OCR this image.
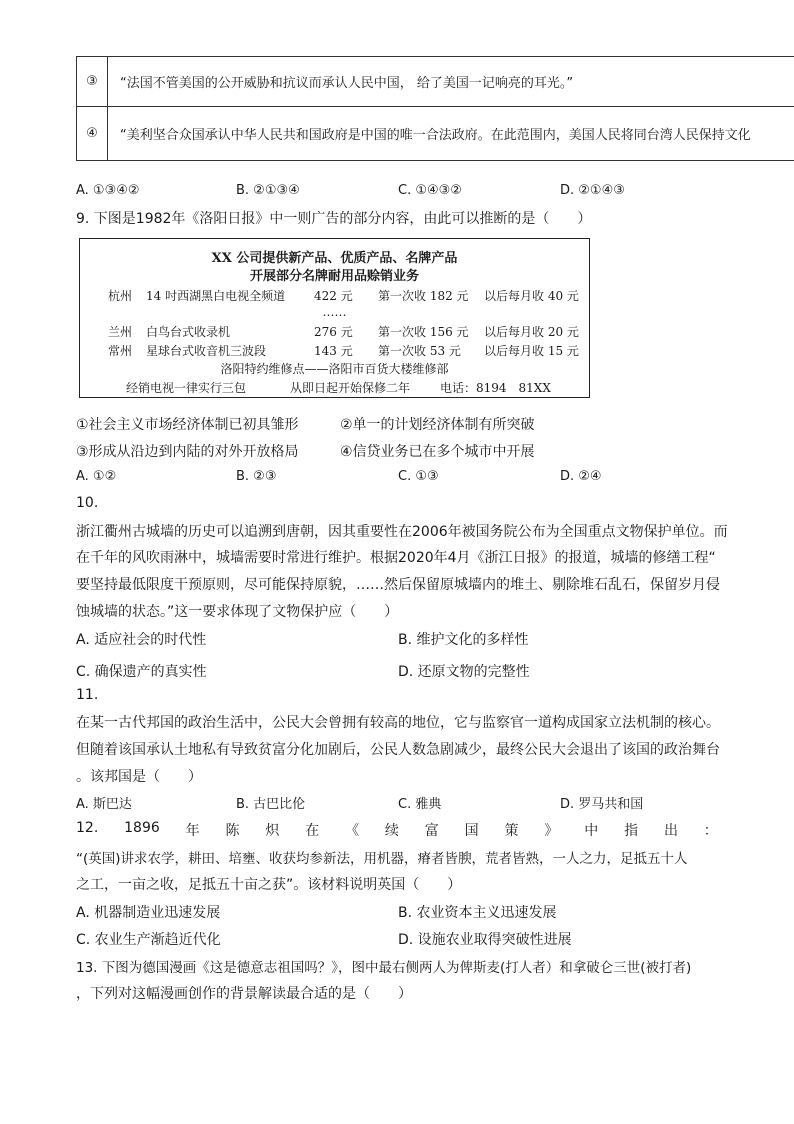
③	“法国不管美国的公开威胁和抗议而承认人民中国， 给了美国一记响亮的耳光。”
④	“美利坚合众国承认中华人民共和国政府是中国的唯一合法政府。在此范围内，美国人民将同台湾人民保持文化
A. ①③④②	B. ②①③④	C. ①④③②	D. ②①④③
9. 下图是1982年《洛阳日报》中一则广告的部分内容，由此可以推断的是（　　）
XX 公司提供新产品、优质产品、名牌产品
开展部分名牌耐用品赊销业务
杭州 14 吋西湖黑白电视全频道 422 元 第一次收 182 元 以后每月收 40 元
……
兰州 白鸟台式收录机	276 元 第一次收 156 元 以后每月收 20 元
常州 星球台式收音机三波段	143 元 第一次收 53 元 以后每月收 15 元
洛阳特约维修点——洛阳市百货大楼维修部
经销电视一律实行三包	从即日起开始保修二年 电话：8194　81XX
①社会主义市场经济体制已初具雏形	②单一的计划经济体制有所突破
③形成从沿边到内陆的对外开放格局	④信贷业务已在多个城市中开展
A. ①②	B. ②③	C. ①③	D. ②④
10.
浙江衢州古城墙的历史可以追溯到唐朝，因其重要性在2006年被国务院公布为全国重点文物保护单位。而
在千年的风吹雨淋中，城墙需要时常进行维护。根据2020年4月《浙江日报》的报道，城墙的修缮工程“
要坚持最低限度干预原则，尽可能保持原貌，……然后保留原城墙内的堆土、剔除堆石乱石，保留岁月侵
蚀城墙的状态。”这一要求体现了文物保护应（　　）
A. 适应社会的时代性	B. 维护文化的多样性
C. 确保遗产的真实性	D. 还原文物的完整性
11.
在某一古代邦国的政治生活中，公民大会曾拥有较高的地位，它与监察官一道构成国家立法机制的核心。
但随着该国承认土地私有导致贫富分化加剧后，公民人数急剧减少，最终公民大会退出了该国的政治舞台
。该邦国是（　　）
A. 斯巴达	B. 古巴比伦	C. 雅典	D. 罗马共和国
12. 1896 年 陈 炽 在 《 续 富 国 策 》 中 指 出 ：
“(英国)讲求农学，耕田、培壅、收获均参新法，用机器，瘠者皆腴，荒者皆熟，一人之力，足抵五十人
之工，一亩之收，足抵五十亩之获”。该材料说明英国（　　）
A. 机器制造业迅速发展	B. 农业资本主义迅速发展
C. 农业生产渐趋近代化	D. 设施农业取得突破性进展
13. 下图为德国漫画《这是德意志祖国吗？》，图中最右侧两人为俾斯麦(打人者）和拿破仑三世(被打者)
，下列对这幅漫画创作的背景解读最合适的是（　　）
